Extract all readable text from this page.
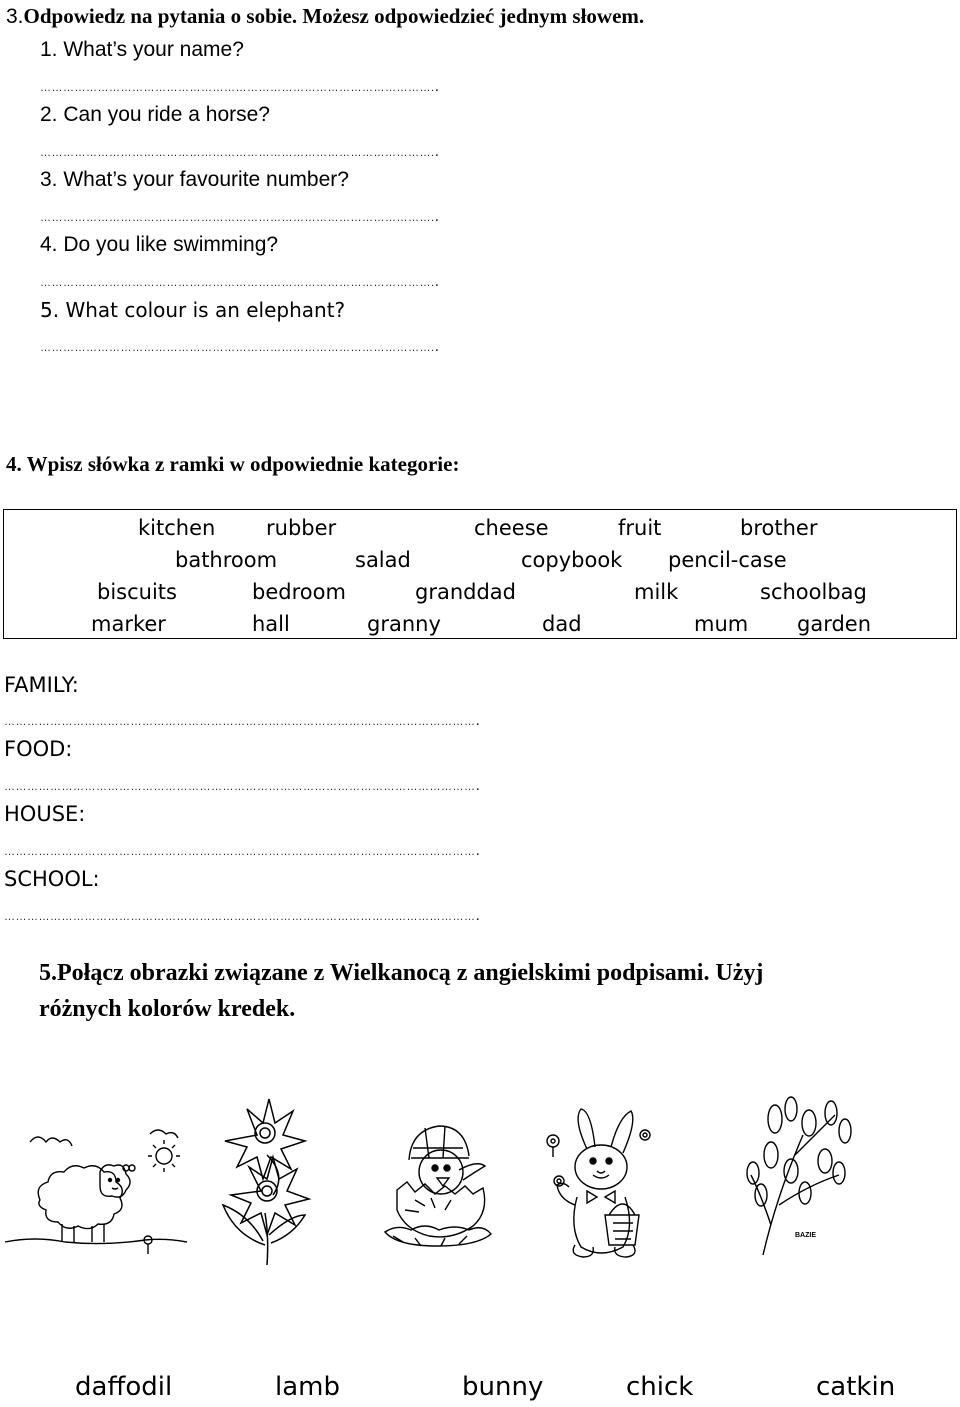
3.Odpowiedz na pytania o sobie. Możesz odpowiedzieć jednym słowem.
1. What’s your name?
…………………………………………………………………………………………..
2. Can you ride a horse?
…………………………………………………………………………………………..
3. What’s your favourite number?
…………………………………………………………………………………………..
4. Do you like swimming?
…………………………………………………………………………………………..
5. What colour is an elephant?
…………………………………………………………………………………………..
4. Wpisz słówka z ramki w odpowiednie kategorie:
kitchen rubber	cheese	fruit	brother
bathroom	salad	copybook pencil-case
biscuits	bedroom	granddad	milk	schoolbag
marker	hall	granny	dad	mum garden
FAMILY:
…………………………………………………………………………………………………………….
FOOD:
…………………………………………………………………………………………………………….
HOUSE:
…………………………………………………………………………………………………………….
SCHOOL:
…………………………………………………………………………………………………………….
5.Połącz obrazki związane z Wielkanocą z angielskimi podpisami. Użyj
różnych kolorów kredek.
BAZIE
daffodil	lamb	bunny	chick	catkin
